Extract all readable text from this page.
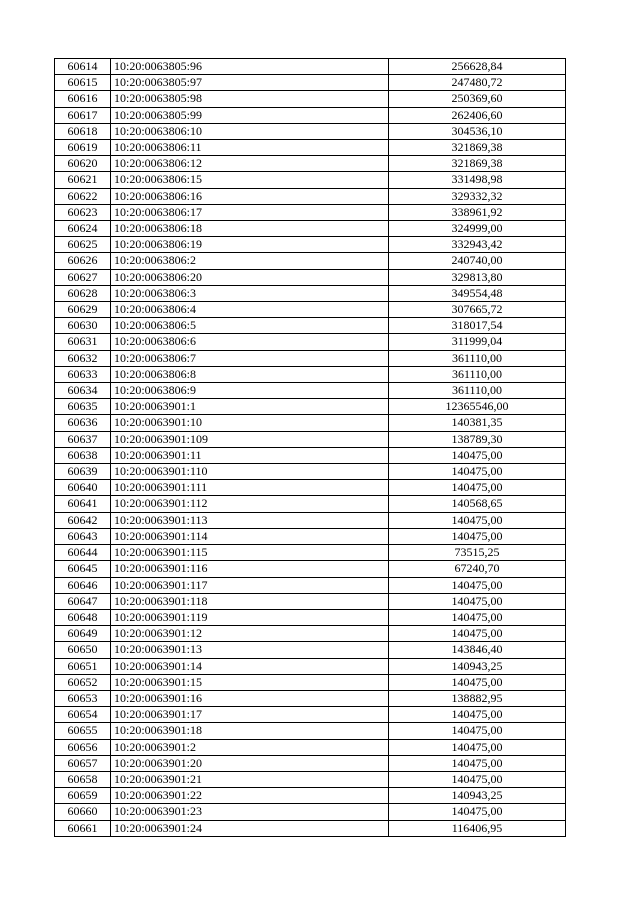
60614	10:20:0063805:96	256628,84
60615	10:20:0063805:97	247480,72
60616	10:20:0063805:98	250369,60
60617	10:20:0063805:99	262406,60
60618	10:20:0063806:10	304536,10
60619	10:20:0063806:11	321869,38
60620	10:20:0063806:12	321869,38
60621	10:20:0063806:15	331498,98
60622	10:20:0063806:16	329332,32
60623	10:20:0063806:17	338961,92
60624	10:20:0063806:18	324999,00
60625	10:20:0063806:19	332943,42
60626	10:20:0063806:2	240740,00
60627	10:20:0063806:20	329813,80
60628	10:20:0063806:3	349554,48
60629	10:20:0063806:4	307665,72
60630	10:20:0063806:5	318017,54
60631	10:20:0063806:6	311999,04
60632	10:20:0063806:7	361110,00
60633	10:20:0063806:8	361110,00
60634	10:20:0063806:9	361110,00
60635	10:20:0063901:1	12365546,00
60636	10:20:0063901:10	140381,35
60637	10:20:0063901:109	138789,30
60638	10:20:0063901:11	140475,00
60639	10:20:0063901:110	140475,00
60640	10:20:0063901:111	140475,00
60641	10:20:0063901:112	140568,65
60642	10:20:0063901:113	140475,00
60643	10:20:0063901:114	140475,00
60644	10:20:0063901:115	73515,25
60645	10:20:0063901:116	67240,70
60646	10:20:0063901:117	140475,00
60647	10:20:0063901:118	140475,00
60648	10:20:0063901:119	140475,00
60649	10:20:0063901:12	140475,00
60650	10:20:0063901:13	143846,40
60651	10:20:0063901:14	140943,25
60652	10:20:0063901:15	140475,00
60653	10:20:0063901:16	138882,95
60654	10:20:0063901:17	140475,00
60655	10:20:0063901:18	140475,00
60656	10:20:0063901:2	140475,00
60657	10:20:0063901:20	140475,00
60658	10:20:0063901:21	140475,00
60659	10:20:0063901:22	140943,25
60660	10:20:0063901:23	140475,00
60661	10:20:0063901:24	116406,95
